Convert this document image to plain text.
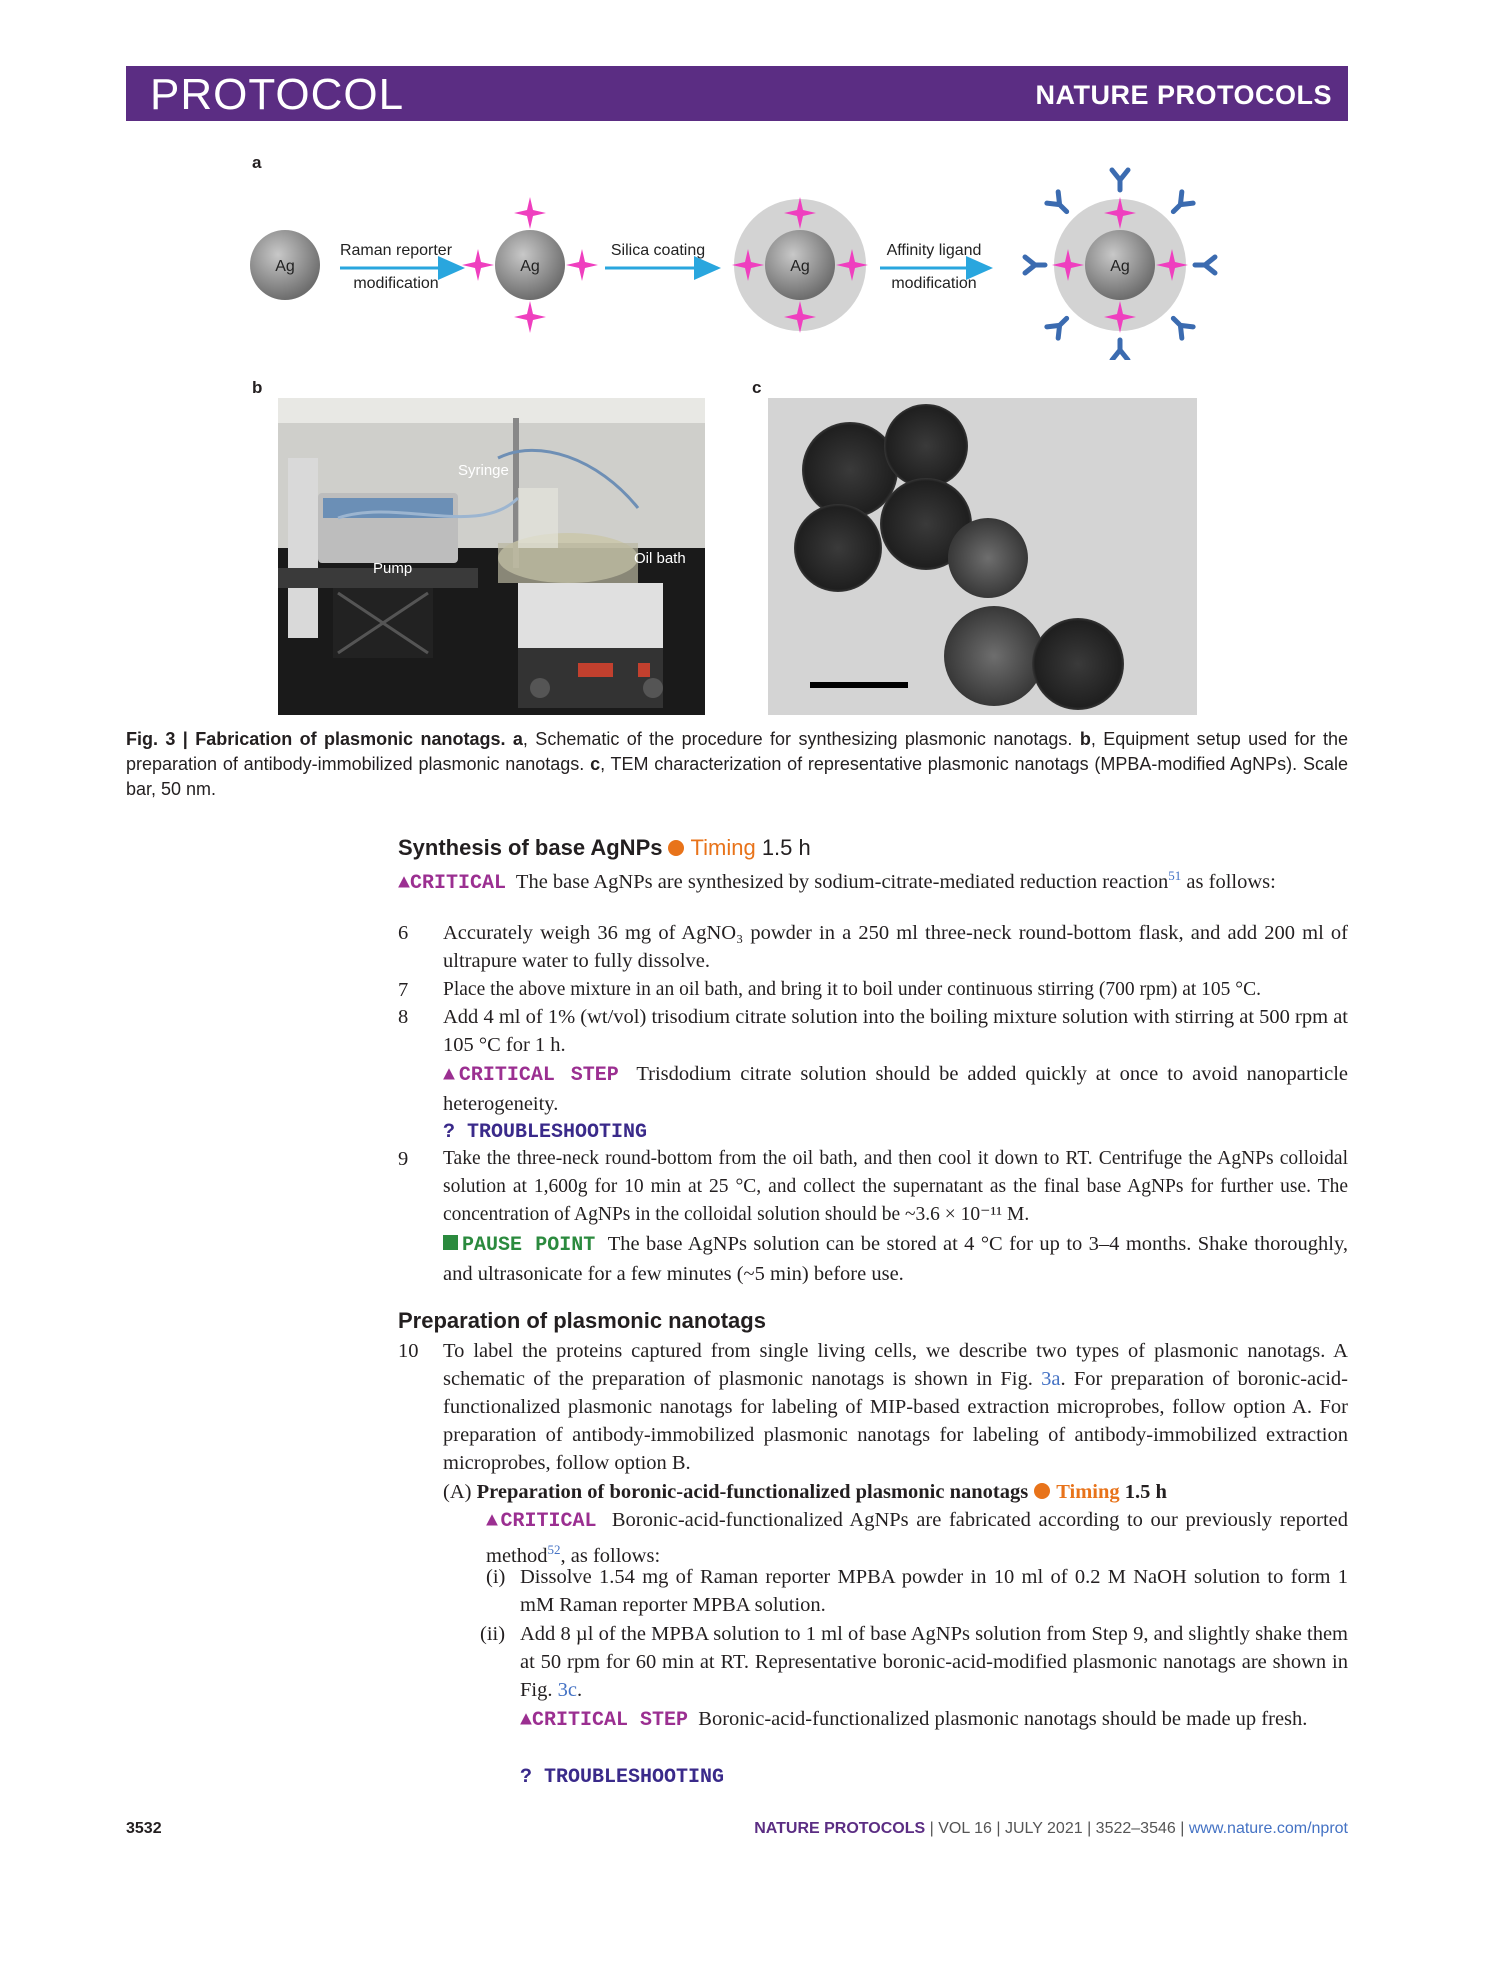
PROTOCOL	NATURE PROTOCOLS
a
Ag
Raman reporter
modification
Ag
Silica coating
Ag
Affinity ligand
modification
Ag
b
Syringe
Pump
Oil bath
c
Fig. 3 | Fabrication of plasmonic nanotags. a, Schematic of the procedure for synthesizing plasmonic nanotags. b, Equipment setup used for the preparation of antibody-immobilized plasmonic nanotags. c, TEM characterization of representative plasmonic nanotags (MPBA-modified AgNPs). Scale bar, 50 nm.
Synthesis of base AgNPs Timing 1.5 h
▲CRITICAL The base AgNPs are synthesized by sodium-citrate-mediated reduction reaction$^{51}$ as follows:
6 Accurately weigh 36 mg of AgNO₃ powder in a 250 ml three-neck round-bottom flask, and add 200 ml of ultrapure water to fully dissolve.
7 Place the above mixture in an oil bath, and bring it to boil under continuous stirring (700 rpm) at 105 °C.
8 Add 4 ml of 1% (wt/vol) trisodium citrate solution into the boiling mixture solution with stirring at 500 rpm at 105 °C for 1 h.
▲CRITICAL STEP Trisdodium citrate solution should be added quickly at once to avoid nanoparticle heterogeneity.
? TROUBLESHOOTING
9 Take the three-neck round-bottom from the oil bath, and then cool it down to RT. Centrifuge the AgNPs colloidal solution at 1,600g for 10 min at 25 °C, and collect the supernatant as the final base AgNPs for further use. The concentration of AgNPs in the colloidal solution should be ~3.6 × 10⁻¹¹ M.
PAUSE POINT The base AgNPs solution can be stored at 4 °C for up to 3–4 months. Shake thoroughly, and ultrasonicate for a few minutes (~5 min) before use.
Preparation of plasmonic nanotags
10 To label the proteins captured from single living cells, we describe two types of plasmonic nanotags. A schematic of the preparation of plasmonic nanotags is shown in Fig. 3a. For preparation of boronic-acid-functionalized plasmonic nanotags for labeling of MIP-based extraction microprobes, follow option A. For preparation of antibody-immobilized plasmonic nanotags for labeling of antibody-immobilized extraction microprobes, follow option B.
(A) Preparation of boronic-acid-functionalized plasmonic nanotags Timing 1.5 h
▲CRITICAL Boronic-acid-functionalized AgNPs are fabricated according to our previously reported method$^{52}$, as follows:
(i) Dissolve 1.54 mg of Raman reporter MPBA powder in 10 ml of 0.2 M NaOH solution to form 1 mM Raman reporter MPBA solution.
(ii) Add 8 µl of the MPBA solution to 1 ml of base AgNPs solution from Step 9, and slightly shake them at 50 rpm for 60 min at RT. Representative boronic-acid-modified plasmonic nanotags are shown in Fig. 3c.
▲CRITICAL STEP Boronic-acid-functionalized plasmonic nanotags should be made up fresh.
? TROUBLESHOOTING
3532	NATURE PROTOCOLS | VOL 16 | JULY 2021 | 3522–3546 | www.nature.com/nprot
